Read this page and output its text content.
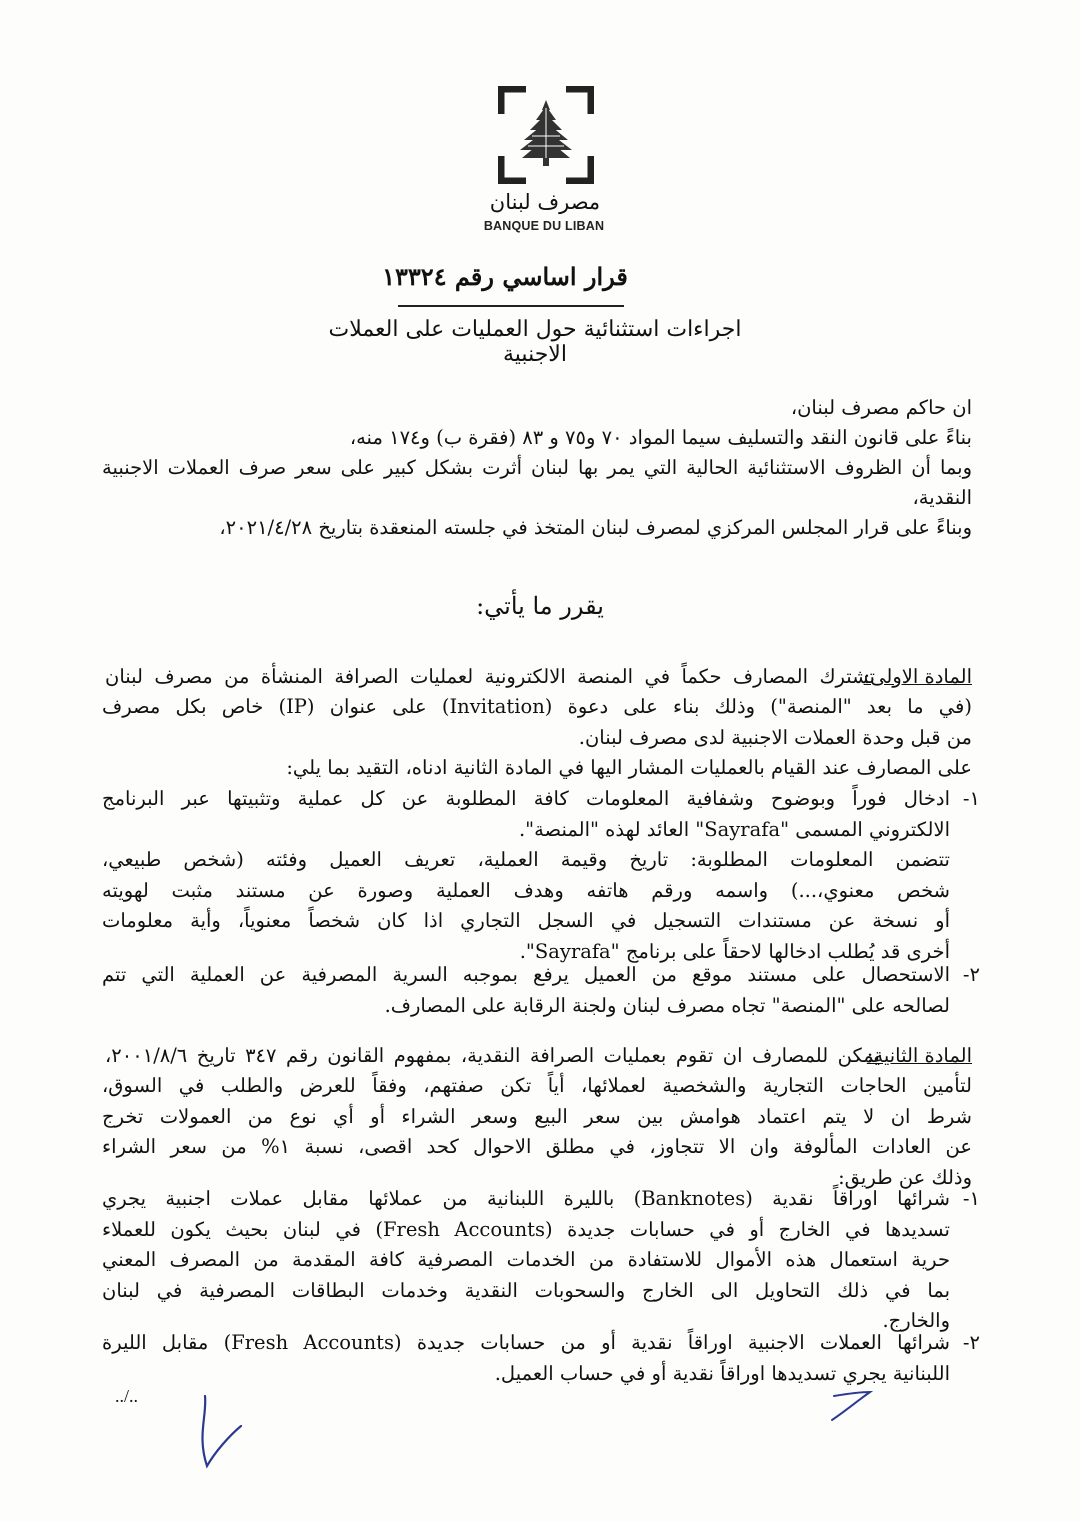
مصرف لبنان
BANQUE DU LIBAN
قرار اساسي رقم ١٣٣٢٤
اجراءات استثنائية حول العمليات على العملات الاجنبية
ان حاكم مصرف لبنان،
بناءً على قانون النقد والتسليف سيما المواد ٧٠ و٧٥ و ٨٣ (فقرة ب) و١٧٤ منه،
وبما أن الظروف الاستثنائية الحالية التي يمر بها لبنان أثرت بشكل كبير على سعر صرف العملات الاجنبية
النقدية،
وبناءً على قرار المجلس المركزي لمصرف لبنان المتخذ في جلسته المنعقدة بتاريخ ٢٠٢١/٤/٢٨،
يقرر ما يأتي:
المادة الاولى:
تشترك المصارف حكماً في المنصة الالكترونية لعمليات الصرافة المنشأة من مصرف لبنان
(في ما بعد "المنصة") وذلك بناء على دعوة (Invitation) على عنوان (IP) خاص بكل مصرف
من قبل وحدة العملات الاجنبية لدى مصرف لبنان.
على المصارف عند القيام بالعمليات المشار اليها في المادة الثانية ادناه، التقيد بما يلي:
١-
ادخال فوراً وبوضوح وشفافية المعلومات كافة المطلوبة عن كل عملية وتثبيتها عبر البرنامج
الالكتروني المسمى "Sayrafa" العائد لهذه "المنصة".
تتضمن المعلومات المطلوبة: تاريخ وقيمة العملية، تعريف العميل وفئته (شخص طبيعي،
شخص معنوي،...) واسمه ورقم هاتفه وهدف العملية وصورة عن مستند مثبت لهويته
أو نسخة عن مستندات التسجيل في السجل التجاري اذا كان شخصاً معنوياً، وأية معلومات
أخرى قد يُطلب ادخالها لاحقاً على برنامج "Sayrafa".
٢-
الاستحصال على مستند موقع من العميل يرفع بموجبه السرية المصرفية عن العملية التي تتم
لصالحه على "المنصة" تجاه مصرف لبنان ولجنة الرقابة على المصارف.
المادة الثانية:
يمكن للمصارف ان تقوم بعمليات الصرافة النقدية، بمفهوم القانون رقم ٣٤٧ تاريخ ٢٠٠١/٨/٦،
لتأمين الحاجات التجارية والشخصية لعملائها، أياً تكن صفتهم، وفقاً للعرض والطلب في السوق،
شرط ان لا يتم اعتماد هوامش بين سعر البيع وسعر الشراء أو أي نوع من العمولات تخرج
عن العادات المألوفة وان الا تتجاوز، في مطلق الاحوال كحد اقصى، نسبة ١% من سعر الشراء
وذلك عن طريق:
١-
شرائها اوراقاً نقدية (Banknotes) بالليرة اللبنانية من عملائها مقابل عملات اجنبية يجري
تسديدها في الخارج أو في حسابات جديدة (Fresh Accounts) في لبنان بحيث يكون للعملاء
حرية استعمال هذه الأموال للاستفادة من الخدمات المصرفية كافة المقدمة من المصرف المعني
بما في ذلك التحاويل الى الخارج والسحوبات النقدية وخدمات البطاقات المصرفية في لبنان
والخارج.
٢-
شرائها العملات الاجنبية اوراقاً نقدية أو من حسابات جديدة (Fresh Accounts) مقابل الليرة
اللبنانية يجري تسديدها اوراقاً نقدية أو في حساب العميل.
../..
